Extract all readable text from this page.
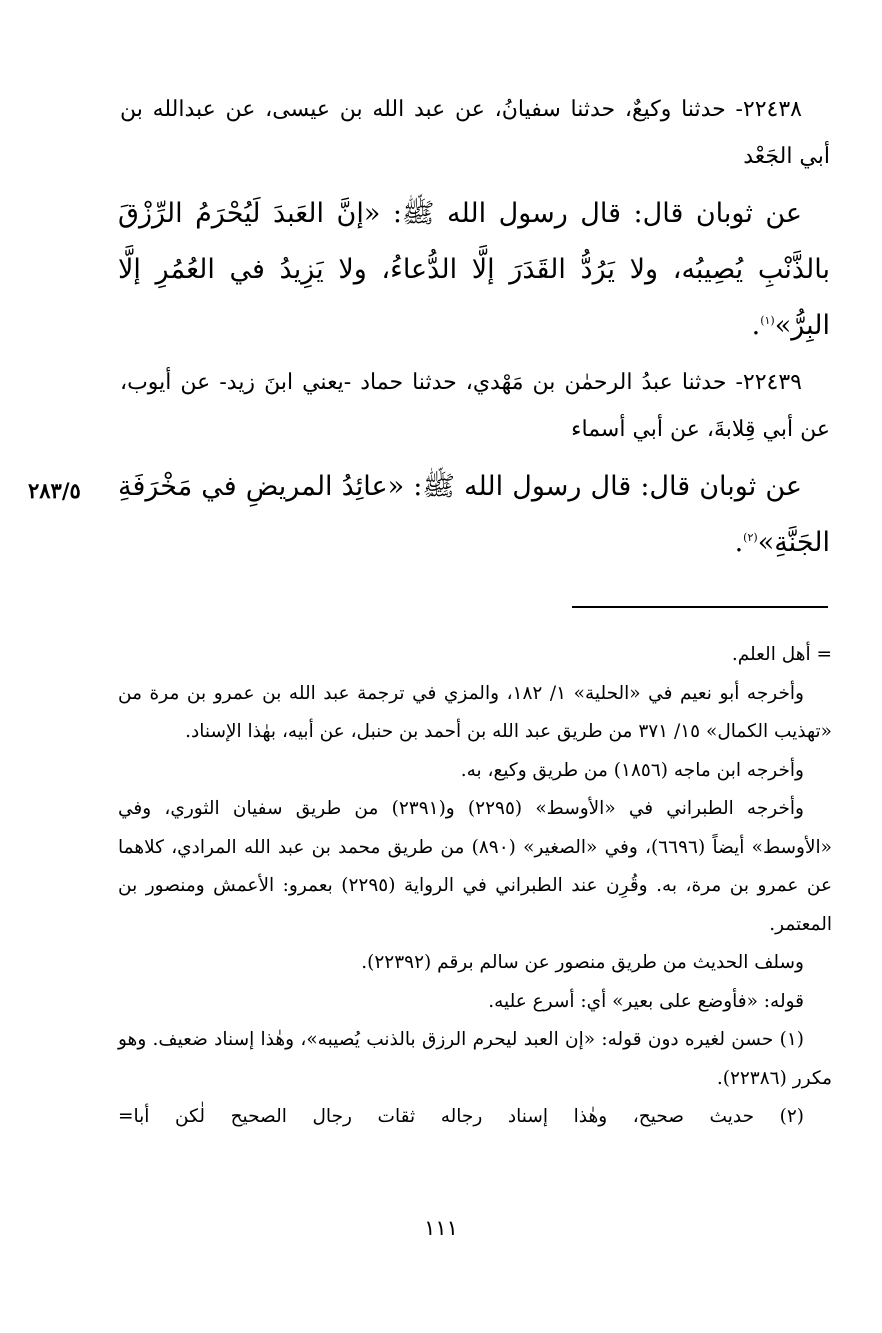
٢٢٤٣٨- حدثنا وكيعٌ، حدثنا سفيانُ، عن عبد الله بن عيسى، عن عبدالله بن أبي الجَعْد

عن ثوبان قال: قال رسول الله ﷺ: «إنَّ العَبدَ لَيُحْرَمُ الرِّزْقَ بالذَّنْبِ يُصِيبُه، ولا يَرُدُّ القَدَرَ إلَّا الدُّعاءُ، ولا يَزِيدُ في العُمُرِ إلَّا البِرُّ»$^{(١)}$.

٢٢٤٣٩- حدثنا عبدُ الرحمٰن بن مَهْدي، حدثنا حماد -يعني ابنَ زيد- عن أيوب، عن أبي قِلابةَ، عن أبي أسماء

عن ثوبان قال: قال رسول الله ﷺ: «عائِدُ المريضِ في مَخْرَفَةِ الجَنَّةِ»$^{(٢)}$.

٢٨٣/٥

= أهل العلم.

وأخرجه أبو نعيم في «الحلية» ١/ ١٨٢، والمزي في ترجمة عبد الله بن عمرو بن مرة من «تهذيب الكمال» ١٥/ ٣٧١ من طريق عبد الله بن أحمد بن حنبل، عن أبيه، بهٰذا الإسناد.

وأخرجه ابن ماجه (١٨٥٦) من طريق وكيع، به.

وأخرجه الطبراني في «الأوسط» (٢٢٩٥) و(٢٣٩١) من طريق سفيان الثوري، وفي «الأوسط» أيضاً (٦٦٩٦)، وفي «الصغير» (٨٩٠) من طريق محمد بن عبد الله المرادي، كلاهما عن عمرو بن مرة، به. وقُرِن عند الطبراني في الرواية (٢٢٩٥) بعمرو: الأعمش ومنصور بن المعتمر.

وسلف الحديث من طريق منصور عن سالم برقم (٢٢٣٩٢).

قوله: «فأوضع على بعير» أي: أسرع عليه.

(١) حسن لغيره دون قوله: «إن العبد ليحرم الرزق بالذنب يُصيبه»، وهٰذا إسناد ضعيف. وهو مكرر (٢٢٣٨٦).

(٢) حديث صحيح، وهٰذا إسناد رجاله ثقات رجال الصحيح لٰكن أبا=

١١١
